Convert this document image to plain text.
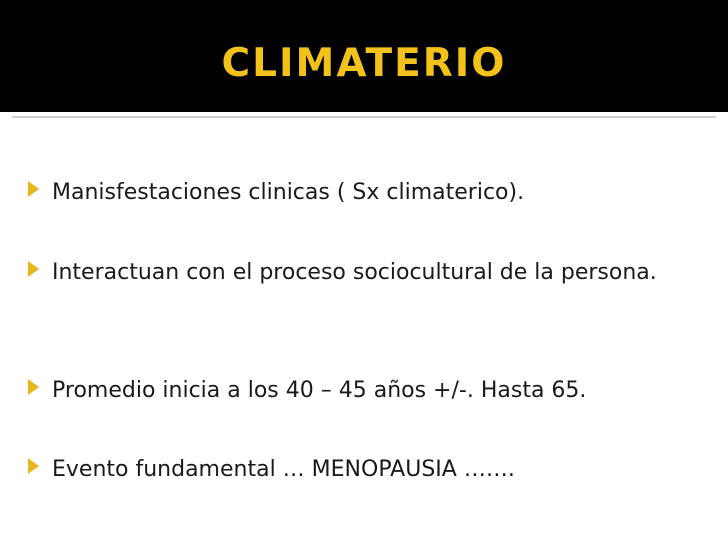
CLIMATERIO
Manisfestaciones clinicas ( Sx climaterico).
Interactuan con el proceso sociocultural de la persona.
Promedio inicia a los 40 – 45 años +/-. Hasta 65.
Evento fundamental … MENOPAUSIA …….
